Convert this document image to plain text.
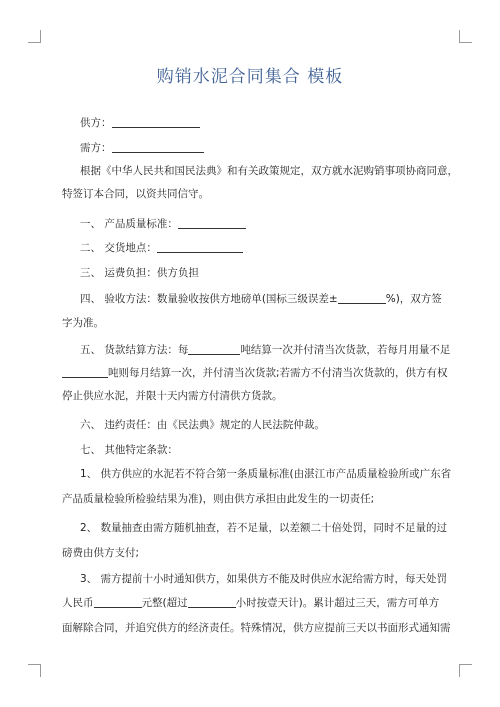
购销水泥合同集合 模板
供方：
需方：
根据《中华人民共和国民法典》和有关政策规定，双方就水泥购销事项协商同意，
特签订本合同，以资共同信守。
一、 产品质量标准：
二、 交货地点：
三、 运费负担：供方负担
四、 验收方法：数量验收按供方地磅单(国标三级误差±	%)，双方签
字为准。
五、 货款结算方法：每	吨结算一次并付清当次货款，若每月用量不足
吨则每月结算一次，并付清当次货款;若需方不付清当次货款的，供方有权
停止供应水泥，并限十天内需方付清供方货款。
六、 违约责任：由《民法典》规定的人民法院仲裁。
七、 其他特定条款：
1、 供方供应的水泥若不符合第一条质量标准(由湛江市产品质量检验所或广东省
产品质量检验所检验结果为准)，则由供方承担由此发生的一切责任;
2、 数量抽查由需方随机抽查，若不足量，以差额二十倍处罚，同时不足量的过
磅费由供方支付;
3、 需方提前十小时通知供方，如果供方不能及时供应水泥给需方时，每天处罚
人民币	元整(超过	小时按壹天计)。累计超过三天，需方可单方
面解除合同，并追究供方的经济责任。特殊情况，供方应提前三天以书面形式通知需
